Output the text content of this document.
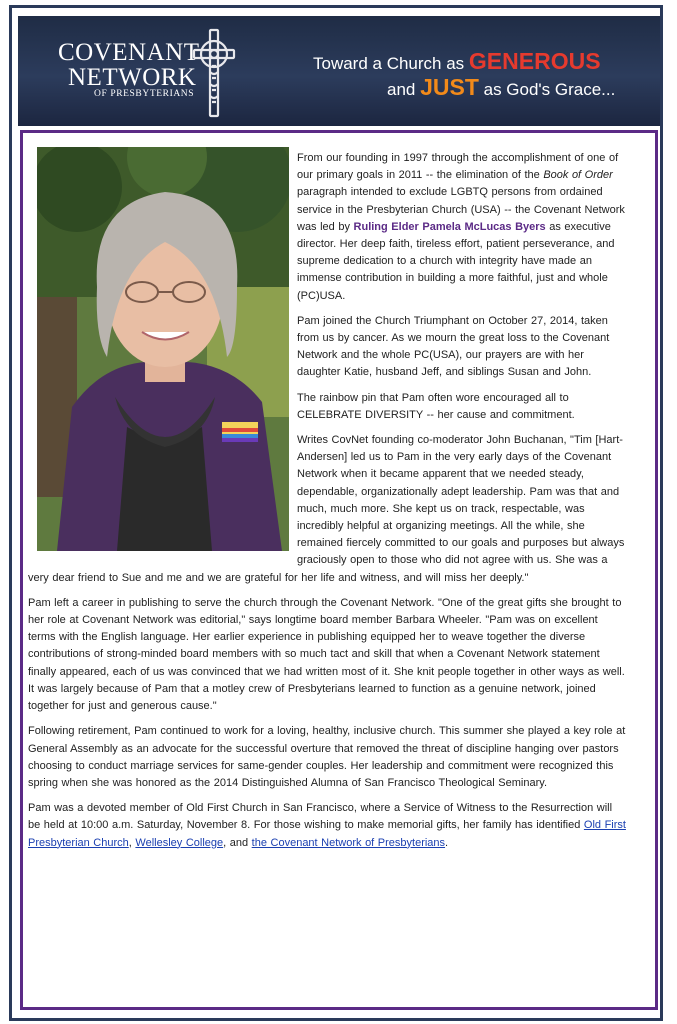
COVENANT
NETWORK
OF PRESBYTERIANS
Toward a Church as GENEROUS
and JUST as God's Grace...

From our founding in 1997 through the accomplishment of one of our primary goals in 2011 -- the elimination of the Book of Order paragraph intended to exclude LGBTQ persons from ordained service in the Presbyterian Church (USA) -- the Covenant Network was led by Ruling Elder Pamela McLucas Byers as executive director. Her deep faith, tireless effort, patient perseverance, and supreme dedication to a church with integrity have made an immense contribution in building a more faithful, just and whole (PC)USA.

Pam joined the Church Triumphant on October 27, 2014, taken from us by cancer. As we mourn the great loss to the Covenant Network and the whole PC(USA), our prayers are with her daughter Katie, husband Jeff, and siblings Susan and John.

The rainbow pin that Pam often wore encouraged all to CELEBRATE DIVERSITY -- her cause and commitment.

Writes CovNet founding co-moderator John Buchanan, "Tim [Hart-Andersen] led us to Pam in the very early days of the Covenant Network when it became apparent that we needed steady, dependable, organizationally adept leadership. Pam was that and much, much more. She kept us on track, respectable, was incredibly helpful at organizing meetings. All the while, she remained fiercely committed to our goals and purposes but always graciously open to those who did not agree with us. She was a very dear friend to Sue and me and we are grateful for her life and witness, and will miss her deeply."

Pam left a career in publishing to serve the church through the Covenant Network. "One of the great gifts she brought to her role at Covenant Network was editorial," says longtime board member Barbara Wheeler. "Pam was on excellent terms with the English language. Her earlier experience in publishing equipped her to weave together the diverse contributions of strong-minded board members with so much tact and skill that when a Covenant Network statement finally appeared, each of us was convinced that we had written most of it. She knit people together in other ways as well. It was largely because of Pam that a motley crew of Presbyterians learned to function as a genuine network, joined together for just and generous cause."

Following retirement, Pam continued to work for a loving, healthy, inclusive church. This summer she played a key role at General Assembly as an advocate for the successful overture that removed the threat of discipline hanging over pastors choosing to conduct marriage services for same-gender couples. Her leadership and commitment were recognized this spring when she was honored as the 2014 Distinguished Alumna of San Francisco Theological Seminary.

Pam was a devoted member of Old First Church in San Francisco, where a Service of Witness to the Resurrection will be held at 10:00 a.m. Saturday, November 8. For those wishing to make memorial gifts, her family has identified Old First Presbyterian Church, Wellesley College, and the Covenant Network of Presbyterians.
